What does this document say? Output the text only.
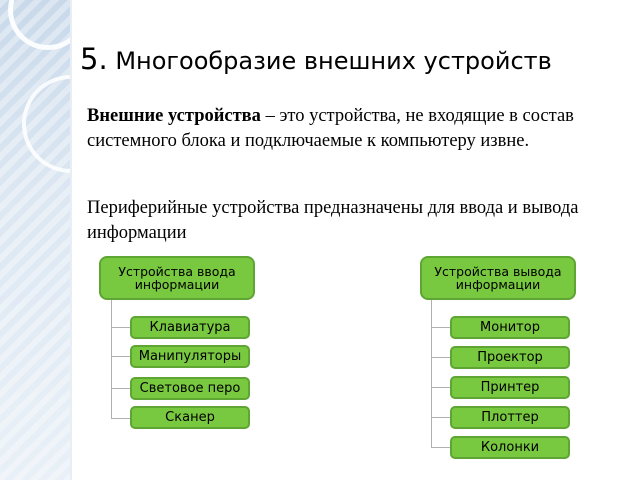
5. Многообразие внешних устройств
Внешние устройства – это устройства, не входящие в состав системного блока и подключаемые к компьютеру извне.
Периферийные устройства предназначены для ввода и вывода информации
Устройства ввода информации
Устройства вывода информации
Клавиатура
Манипуляторы
Световое перо
Сканер
Монитор
Проектор
Принтер
Плоттер
Колонки
